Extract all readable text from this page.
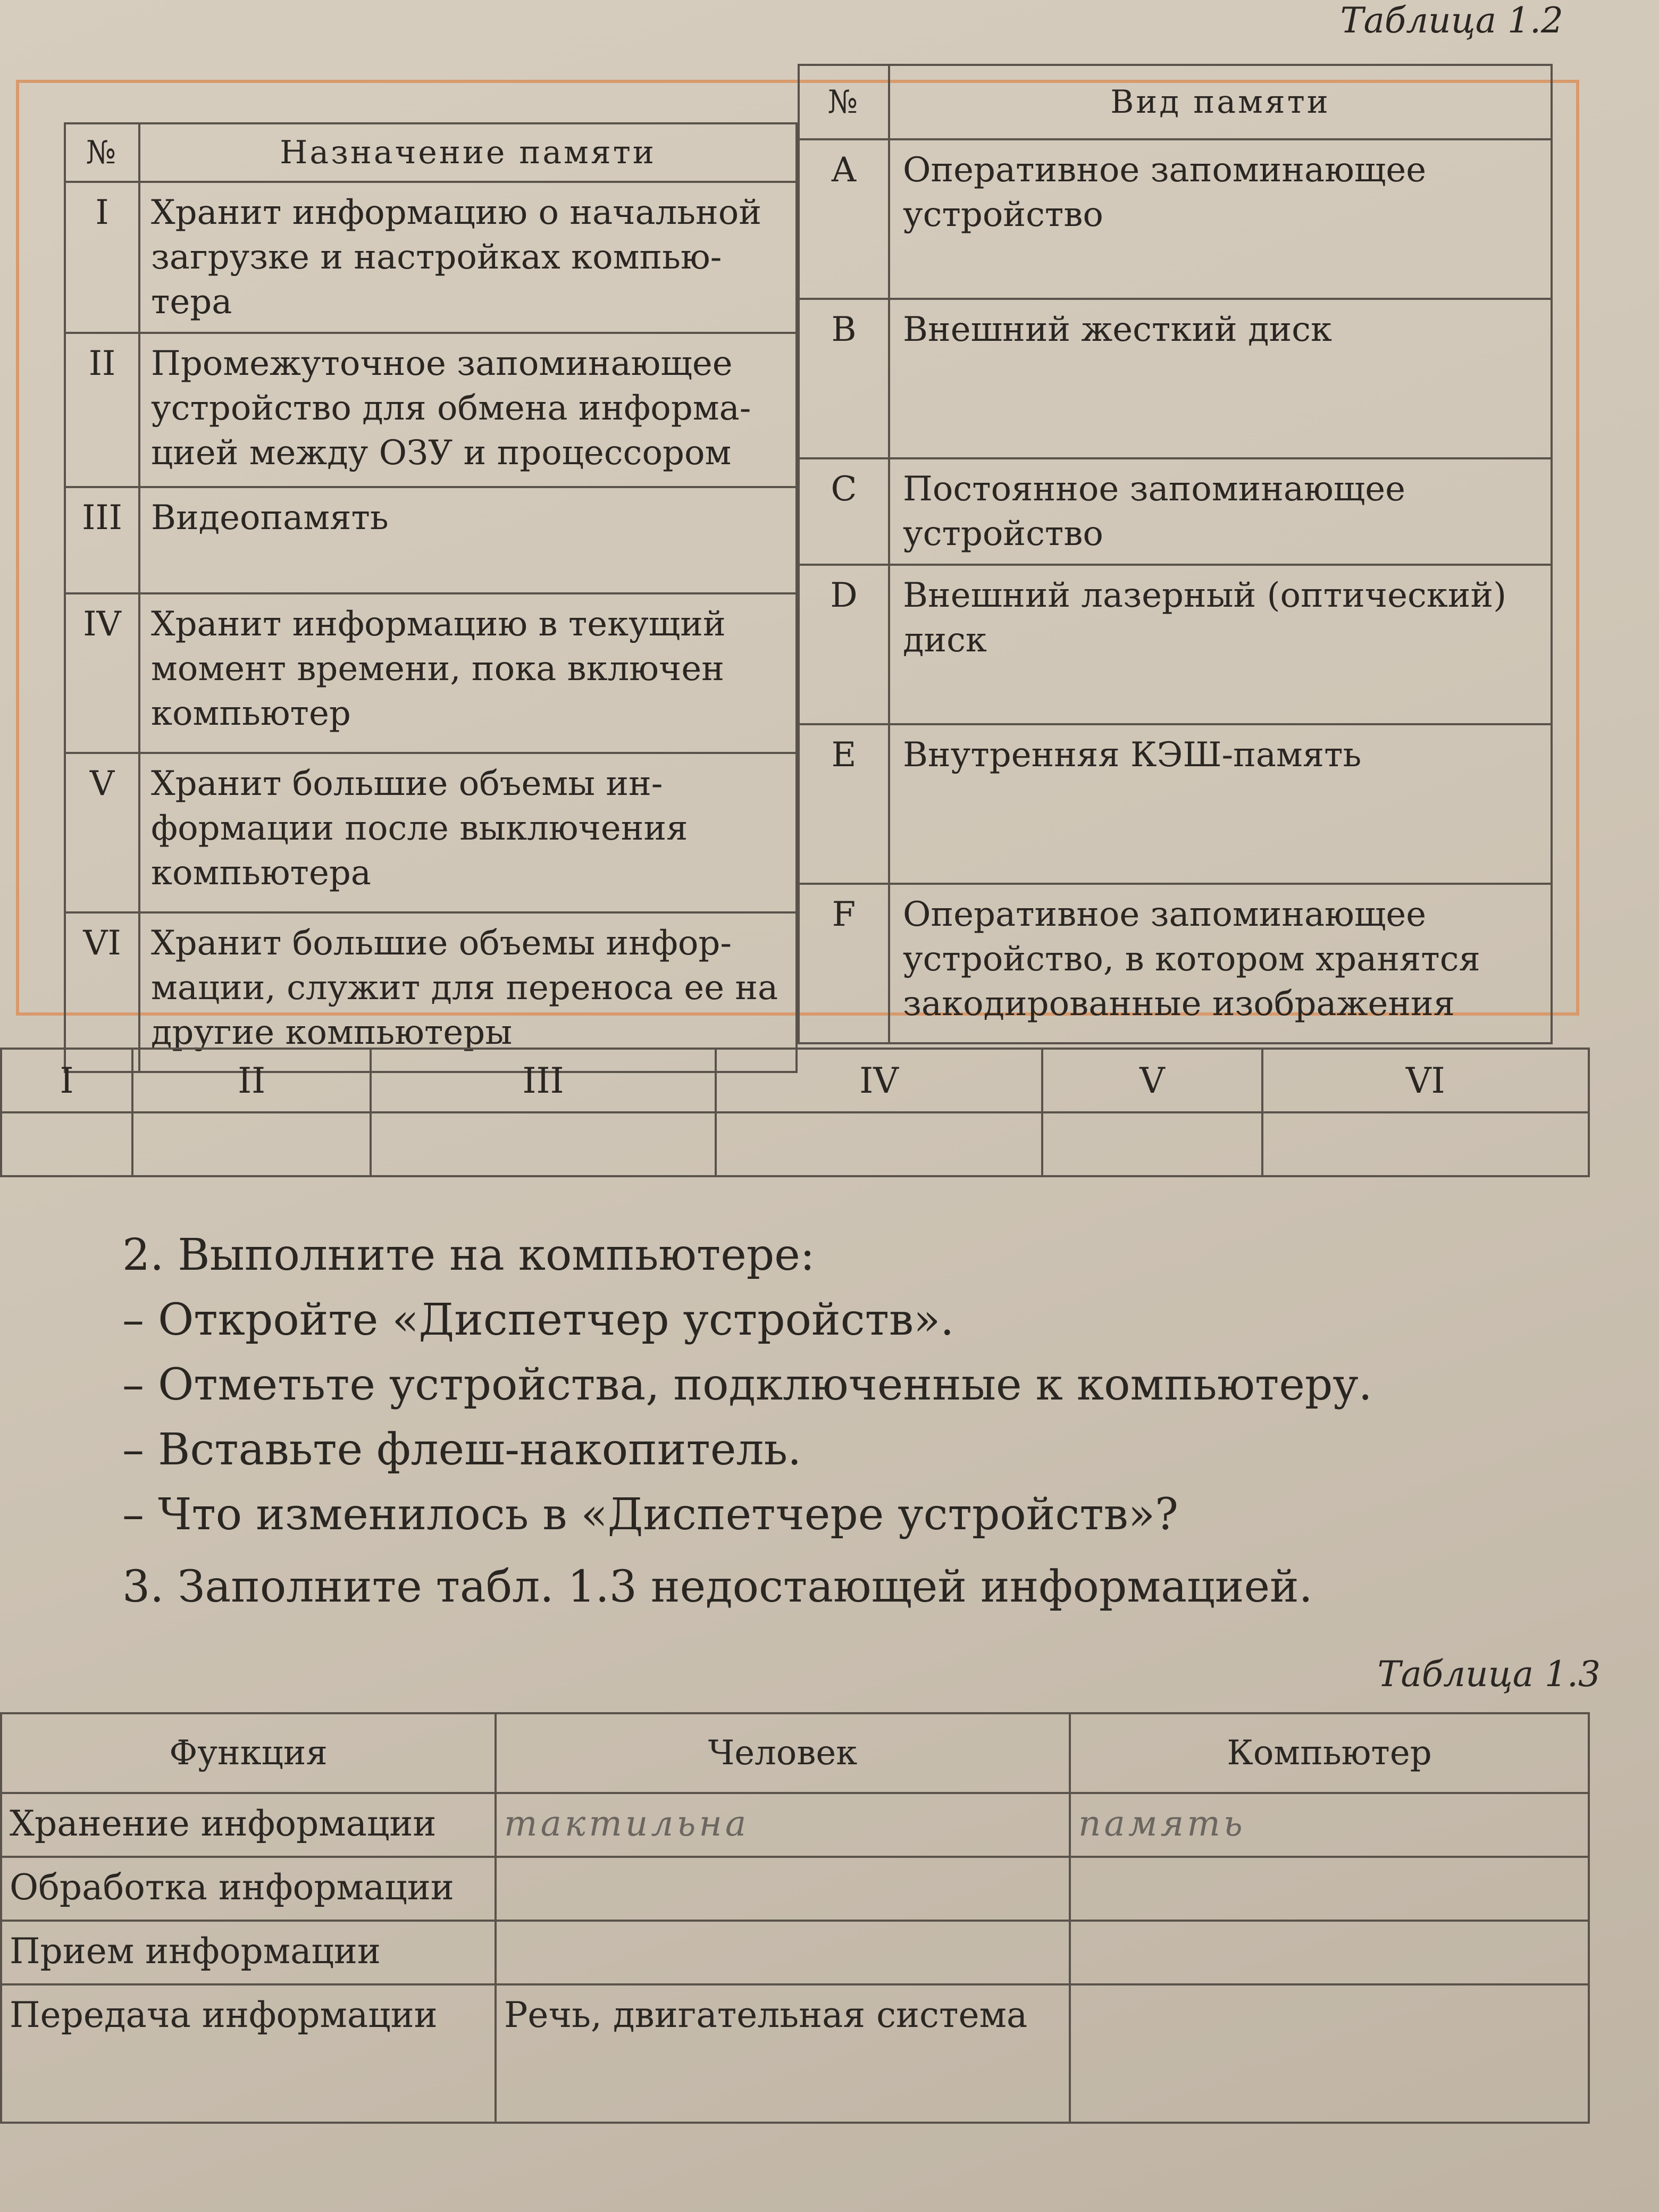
Таблица 1.2
№	Назначение памяти
I	Хранит информацию о начальной загрузке и настройках компью-тера
II	Промежуточное запоминающее устройство для обмена информа-цией между ОЗУ и процессором
III	Видеопамять
IV	Хранит информацию в текущий момент времени, пока включен компьютер
V	Хранит большие объемы ин-формации после выключения компьютера
VI	Хранит большие объемы инфор-мации, служит для переноса ее на другие компьютеры
№	Вид памяти
A	Оперативное запоминающее устройство
B	Внешний жесткий диск
C	Постоянное запоминающее устройство
D	Внешний лазерный (оптический) диск
E	Внутренняя КЭШ-память
F	Оперативное запоминающее устройство, в котором хранятся закодированные изображения
I	II	III	IV	V	VI

2. Выполните на компьютере:
– Откройте «Диспетчер устройств».
– Отметьте устройства, подключенные к компьютеру.
– Вставьте флеш-накопитель.
– Что изменилось в «Диспетчере устройств»?
3. Заполните табл. 1.3 недостающей информацией.
Таблица 1.3
Функция	Человек	Компьютер
Хранение информации	тактильна	память
Обработка информации		
Прием информации		
Передача информации	Речь, двигательная система	
